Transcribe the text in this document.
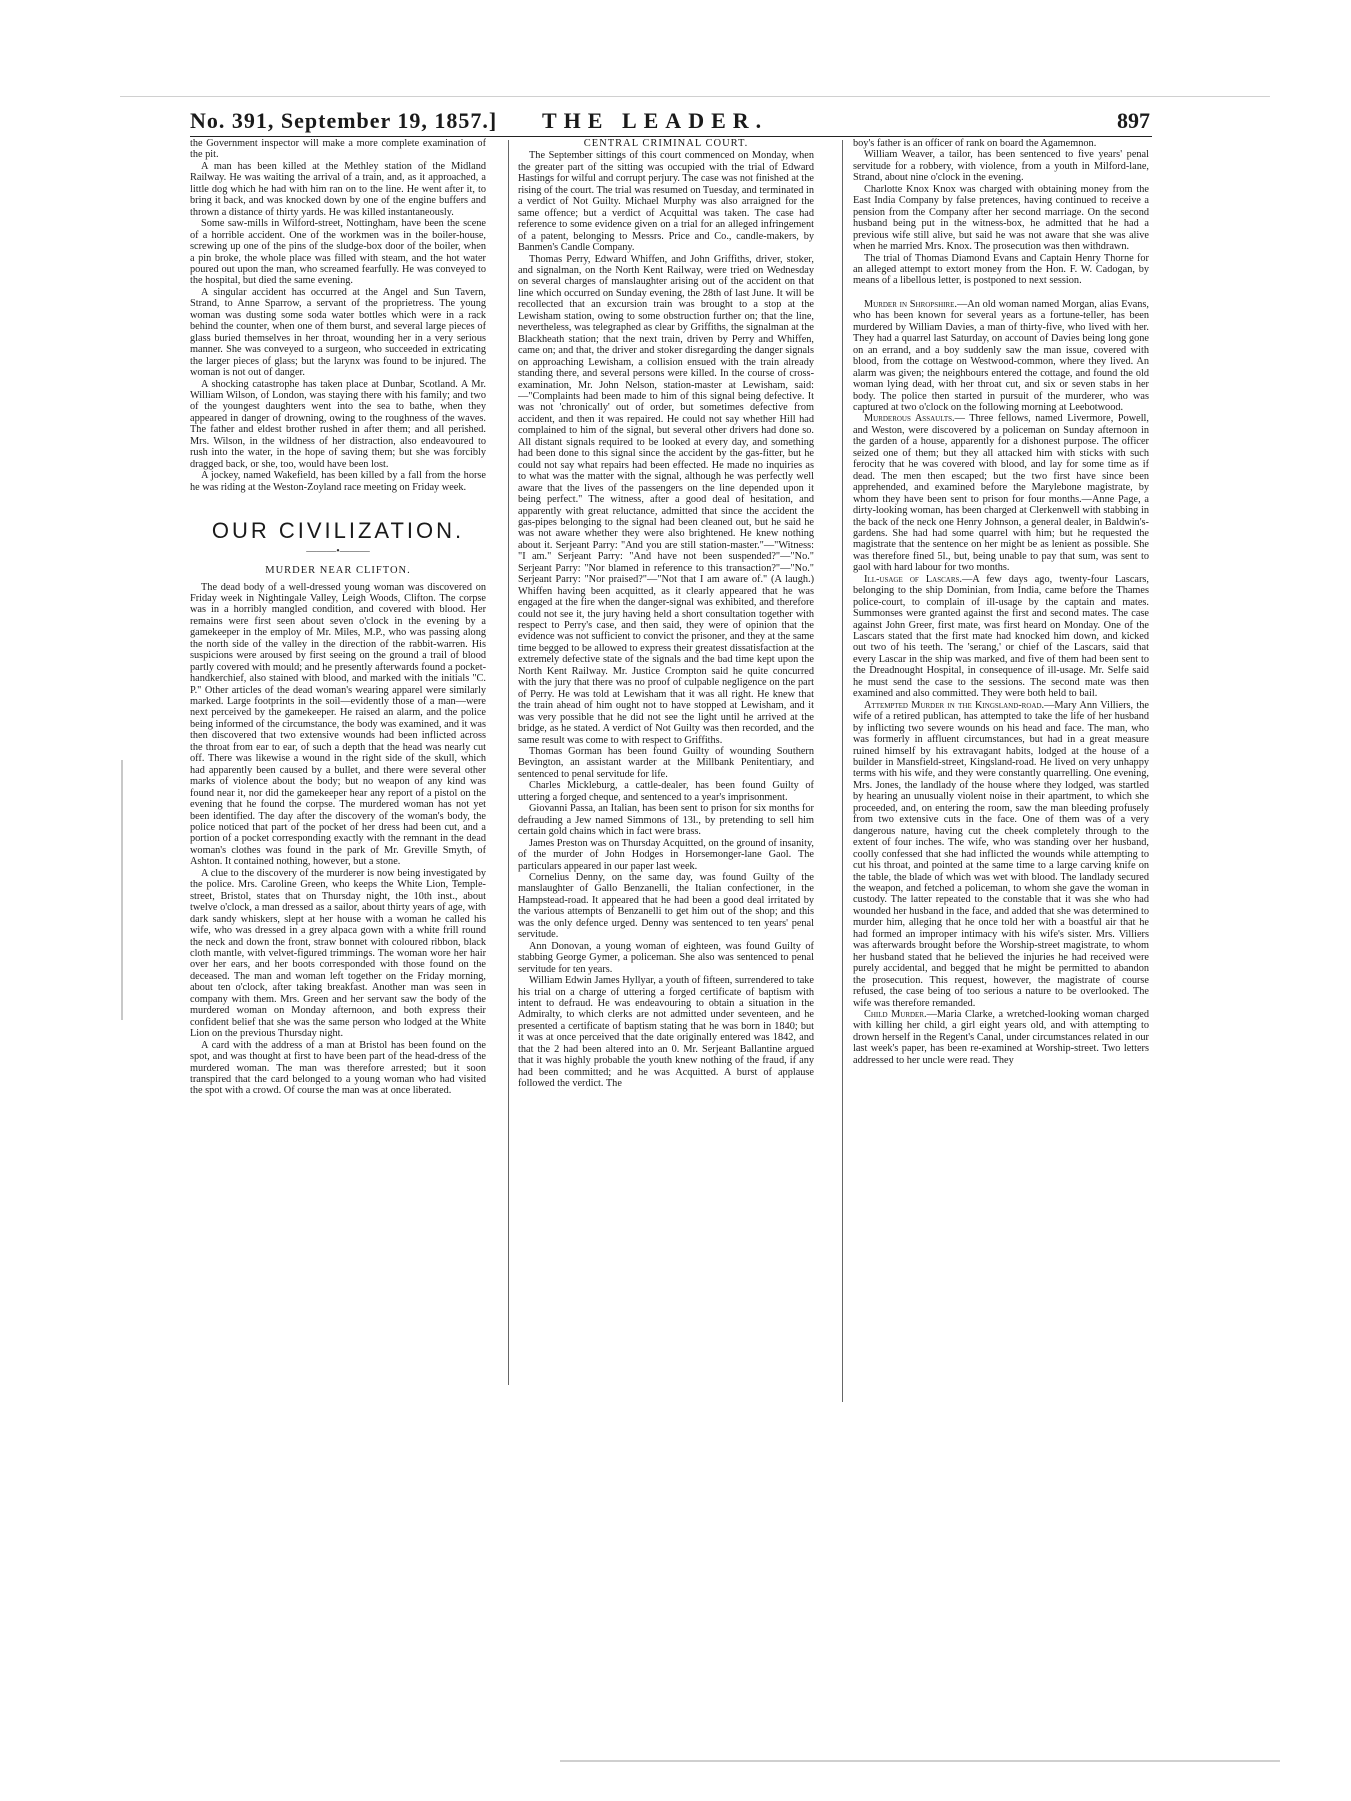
No. 391, September 19, 1857.] THE LEADER.	897

the Government inspector will make a more complete examination of the pit.

A man has been killed at the Methley station of the Midland Railway. He was waiting the arrival of a train, and, as it approached, a little dog which he had with him ran on to the line. He went after it, to bring it back, and was knocked down by one of the engine buffers and thrown a distance of thirty yards. He was killed instantaneously.

Some saw-mills in Wilford-street, Nottingham, have been the scene of a horrible accident. One of the workmen was in the boiler-house, screwing up one of the pins of the sludge-box door of the boiler, when a pin broke, the whole place was filled with steam, and the hot water poured out upon the man, who screamed fearfully. He was conveyed to the hospital, but died the same evening.

A singular accident has occurred at the Angel and Sun Tavern, Strand, to Anne Sparrow, a servant of the proprietress. The young woman was dusting some soda water bottles which were in a rack behind the counter, when one of them burst, and several large pieces of glass buried themselves in her throat, wounding her in a very serious manner. She was conveyed to a surgeon, who succeeded in extricating the larger pieces of glass; but the larynx was found to be injured. The woman is not out of danger.

A shocking catastrophe has taken place at Dunbar, Scotland. A Mr. William Wilson, of London, was staying there with his family; and two of the youngest daughters went into the sea to bathe, when they appeared in danger of drowning, owing to the roughness of the waves. The father and eldest brother rushed in after them; and all perished. Mrs. Wilson, in the wildness of her distraction, also endeavoured to rush into the water, in the hope of saving them; but she was forcibly dragged back, or she, too, would have been lost.

A jockey, named Wakefield, has been killed by a fall from the horse he was riding at the Weston-Zoyland race meeting on Friday week.

OUR CIVILIZATION.
———•———
MURDER NEAR CLIFTON.

The dead body of a well-dressed young woman was discovered on Friday week in Nightingale Valley, Leigh Woods, Clifton. The corpse was in a horribly mangled condition, and covered with blood. Her remains were first seen about seven o'clock in the evening by a gamekeeper in the employ of Mr. Miles, M.P., who was passing along the north side of the valley in the direction of the rabbit-warren. His suspicions were aroused by first seeing on the ground a trail of blood partly covered with mould; and he presently afterwards found a pocket-handkerchief, also stained with blood, and marked with the initials "C. P." Other articles of the dead woman's wearing apparel were similarly marked. Large footprints in the soil—evidently those of a man—were next perceived by the gamekeeper. He raised an alarm, and the police being informed of the circumstance, the body was examined, and it was then discovered that two extensive wounds had been inflicted across the throat from ear to ear, of such a depth that the head was nearly cut off. There was likewise a wound in the right side of the skull, which had apparently been caused by a bullet, and there were several other marks of violence about the body; but no weapon of any kind was found near it, nor did the gamekeeper hear any report of a pistol on the evening that he found the corpse. The murdered woman has not yet been identified. The day after the discovery of the woman's body, the police noticed that part of the pocket of her dress had been cut, and a portion of a pocket corresponding exactly with the remnant in the dead woman's clothes was found in the park of Mr. Greville Smyth, of Ashton. It contained nothing, however, but a stone.

A clue to the discovery of the murderer is now being investigated by the police. Mrs. Caroline Green, who keeps the White Lion, Temple-street, Bristol, states that on Thursday night, the 10th inst., about twelve o'clock, a man dressed as a sailor, about thirty years of age, with dark sandy whiskers, slept at her house with a woman he called his wife, who was dressed in a grey alpaca gown with a white frill round the neck and down the front, straw bonnet with coloured ribbon, black cloth mantle, with velvet-figured trimmings. The woman wore her hair over her ears, and her boots corresponded with those found on the deceased. The man and woman left together on the Friday morning, about ten o'clock, after taking breakfast. Another man was seen in company with them. Mrs. Green and her servant saw the body of the murdered woman on Monday afternoon, and both express their confident belief that she was the same person who lodged at the White Lion on the previous Thursday night.

A card with the address of a man at Bristol has been found on the spot, and was thought at first to have been part of the head-dress of the murdered woman. The man was therefore arrested; but it soon transpired that the card belonged to a young woman who had visited the spot with a crowd. Of course the man was at once liberated.

CENTRAL CRIMINAL COURT.

The September sittings of this court commenced on Monday, when the greater part of the sitting was occupied with the trial of Edward Hastings for wilful and corrupt perjury. The case was not finished at the rising of the court. The trial was resumed on Tuesday, and terminated in a verdict of Not Guilty. Michael Murphy was also arraigned for the same offence; but a verdict of Acquittal was taken. The case had reference to some evidence given on a trial for an alleged infringement of a patent, belonging to Messrs. Price and Co., candle-makers, by Banmen's Candle Company.

Thomas Perry, Edward Whiffen, and John Griffiths, driver, stoker, and signalman, on the North Kent Railway, were tried on Wednesday on several charges of manslaughter arising out of the accident on that line which occurred on Sunday evening, the 28th of last June. It will be recollected that an excursion train was brought to a stop at the Lewisham station, owing to some obstruction further on; that the line, nevertheless, was telegraphed as clear by Griffiths, the signalman at the Blackheath station; that the next train, driven by Perry and Whiffen, came on; and that, the driver and stoker disregarding the danger signals on approaching Lewisham, a collision ensued with the train already standing there, and several persons were killed. In the course of cross-examination, Mr. John Nelson, station-master at Lewisham, said:—"Complaints had been made to him of this signal being defective. It was not 'chronically' out of order, but sometimes defective from accident, and then it was repaired. He could not say whether Hill had complained to him of the signal, but several other drivers had done so. All distant signals required to be looked at every day, and something had been done to this signal since the accident by the gas-fitter, but he could not say what repairs had been effected. He made no inquiries as to what was the matter with the signal, although he was perfectly well aware that the lives of the passengers on the line depended upon it being perfect." The witness, after a good deal of hesitation, and apparently with great reluctance, admitted that since the accident the gas-pipes belonging to the signal had been cleaned out, but he said he was not aware whether they were also brightened. He knew nothing about it. Serjeant Parry: "And you are still station-master."—"Witness: "I am." Serjeant Parry: "And have not been suspended?"—"No." Serjeant Parry: "Nor blamed in reference to this transaction?"—"No." Serjeant Parry: "Nor praised?"—"Not that I am aware of." (A laugh.) Whiffen having been acquitted, as it clearly appeared that he was engaged at the fire when the danger-signal was exhibited, and therefore could not see it, the jury having held a short consultation together with respect to Perry's case, and then said, they were of opinion that the evidence was not sufficient to convict the prisoner, and they at the same time begged to be allowed to express their greatest dissatisfaction at the extremely defective state of the signals and the bad time kept upon the North Kent Railway. Mr. Justice Crompton said he quite concurred with the jury that there was no proof of culpable negligence on the part of Perry. He was told at Lewisham that it was all right. He knew that the train ahead of him ought not to have stopped at Lewisham, and it was very possible that he did not see the light until he arrived at the bridge, as he stated. A verdict of Not Guilty was then recorded, and the same result was come to with respect to Griffiths.

Thomas Gorman has been found Guilty of wounding Southern Bevington, an assistant warder at the Millbank Penitentiary, and sentenced to penal servitude for life.

Charles Mickleburg, a cattle-dealer, has been found Guilty of uttering a forged cheque, and sentenced to a year's imprisonment.

Giovanni Passa, an Italian, has been sent to prison for six months for defrauding a Jew named Simmons of 13l., by pretending to sell him certain gold chains which in fact were brass.

James Preston was on Thursday Acquitted, on the ground of insanity, of the murder of John Hodges in Horsemonger-lane Gaol. The particulars appeared in our paper last week.

Cornelius Denny, on the same day, was found Guilty of the manslaughter of Gallo Benzanelli, the Italian confectioner, in the Hampstead-road. It appeared that he had been a good deal irritated by the various attempts of Benzanelli to get him out of the shop; and this was the only defence urged. Denny was sentenced to ten years' penal servitude.

Ann Donovan, a young woman of eighteen, was found Guilty of stabbing George Gymer, a policeman. She also was sentenced to penal servitude for ten years.

William Edwin James Hyllyar, a youth of fifteen, surrendered to take his trial on a charge of uttering a forged certificate of baptism with intent to defraud. He was endeavouring to obtain a situation in the Admiralty, to which clerks are not admitted under seventeen, and he presented a certificate of baptism stating that he was born in 1840; but it was at once perceived that the date originally entered was 1842, and that the 2 had been altered into an 0. Mr. Serjeant Ballantine argued that it was highly probable the youth knew nothing of the fraud, if any had been committed; and he was Acquitted. A burst of applause followed the verdict. The

boy's father is an officer of rank on board the Agamemnon.

William Weaver, a tailor, has been sentenced to five years' penal servitude for a robbery, with violence, from a youth in Milford-lane, Strand, about nine o'clock in the evening.

Charlotte Knox Knox was charged with obtaining money from the East India Company by false pretences, having continued to receive a pension from the Company after her second marriage. On the second husband being put in the witness-box, he admitted that he had a previous wife still alive, but said he was not aware that she was alive when he married Mrs. Knox. The prosecution was then withdrawn.

The trial of Thomas Diamond Evans and Captain Henry Thorne for an alleged attempt to extort money from the Hon. F. W. Cadogan, by means of a libellous letter, is postponed to next session.

Murder in Shropshire.—An old woman named Morgan, alias Evans, who has been known for several years as a fortune-teller, has been murdered by William Davies, a man of thirty-five, who lived with her. They had a quarrel last Saturday, on account of Davies being long gone on an errand, and a boy suddenly saw the man issue, covered with blood, from the cottage on Westwood-common, where they lived. An alarm was given; the neighbours entered the cottage, and found the old woman lying dead, with her throat cut, and six or seven stabs in her body. The police then started in pursuit of the murderer, who was captured at two o'clock on the following morning at Leebotwood.

Murderous Assaults.— Three fellows, named Livermore, Powell, and Weston, were discovered by a policeman on Sunday afternoon in the garden of a house, apparently for a dishonest purpose. The officer seized one of them; but they all attacked him with sticks with such ferocity that he was covered with blood, and lay for some time as if dead. The men then escaped; but the two first have since been apprehended, and examined before the Marylebone magistrate, by whom they have been sent to prison for four months.—Anne Page, a dirty-looking woman, has been charged at Clerkenwell with stabbing in the back of the neck one Henry Johnson, a general dealer, in Baldwin's-gardens. She had had some quarrel with him; but he requested the magistrate that the sentence on her might be as lenient as possible. She was therefore fined 5l., but, being unable to pay that sum, was sent to gaol with hard labour for two months.

Ill-usage of Lascars.—A few days ago, twenty-four Lascars, belonging to the ship Dominian, from India, came before the Thames police-court, to complain of ill-usage by the captain and mates. Summonses were granted against the first and second mates. The case against John Greer, first mate, was first heard on Monday. One of the Lascars stated that the first mate had knocked him down, and kicked out two of his teeth. The 'serang,' or chief of the Lascars, said that every Lascar in the ship was marked, and five of them had been sent to the Dreadnought Hospital, in consequence of ill-usage. Mr. Selfe said he must send the case to the sessions. The second mate was then examined and also committed. They were both held to bail.

Attempted Murder in the Kingsland-road.—Mary Ann Villiers, the wife of a retired publican, has attempted to take the life of her husband by inflicting two severe wounds on his head and face. The man, who was formerly in affluent circumstances, but had in a great measure ruined himself by his extravagant habits, lodged at the house of a builder in Mansfield-street, Kingsland-road. He lived on very unhappy terms with his wife, and they were constantly quarrelling. One evening, Mrs. Jones, the landlady of the house where they lodged, was startled by hearing an unusually violent noise in their apartment, to which she proceeded, and, on entering the room, saw the man bleeding profusely from two extensive cuts in the face. One of them was of a very dangerous nature, having cut the cheek completely through to the extent of four inches. The wife, who was standing over her husband, coolly confessed that she had inflicted the wounds while attempting to cut his throat, and pointed at the same time to a large carving knife on the table, the blade of which was wet with blood. The landlady secured the weapon, and fetched a policeman, to whom she gave the woman in custody. The latter repeated to the constable that it was she who had wounded her husband in the face, and added that she was determined to murder him, alleging that he once told her with a boastful air that he had formed an improper intimacy with his wife's sister. Mrs. Villiers was afterwards brought before the Worship-street magistrate, to whom her husband stated that he believed the injuries he had received were purely accidental, and begged that he might be permitted to abandon the prosecution. This request, however, the magistrate of course refused, the case being of too serious a nature to be overlooked. The wife was therefore remanded.

Child Murder.—Maria Clarke, a wretched-looking woman charged with killing her child, a girl eight years old, and with attempting to drown herself in the Regent's Canal, under circumstances related in our last week's paper, has been re-examined at Worship-street. Two letters addressed to her uncle were read. They
